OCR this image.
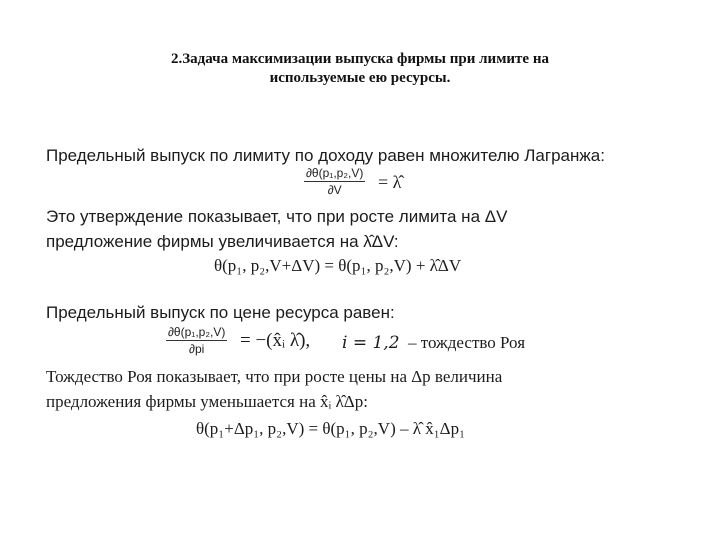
2.Задача максимизации выпуска фирмы при лимите на
используемые ею ресурсы.
Предельный выпуск по лимиту по доходу равен множителю Лагранжа:
$\frac{\text{∂θ(p₁,p₂,V)}}{\partial V}$ = λ̂
Это утверждение показывает, что при росте лимита на ΔV
предложение фирмы увеличивается на λ̂ΔV:
θ(p₁, p₂,V+ΔV) = θ(p₁, p₂,V) + λ̂ΔV
Предельный выпуск по цене ресурса равен:
$\frac{\text{∂θ(p₁,p₂,V)}}{\partial pi}$ = −(x̂ᵢ λ̂), i = 1,2 – тождество Роя
Тождество Роя показывает, что при росте цены на Δp величина
предложения фирмы уменьшается на x̂ᵢ λ̂Δp:
θ(p₁+Δp₁, p₂,V) = θ(p₁, p₂,V) – λ̂ x̂₁Δp₁
